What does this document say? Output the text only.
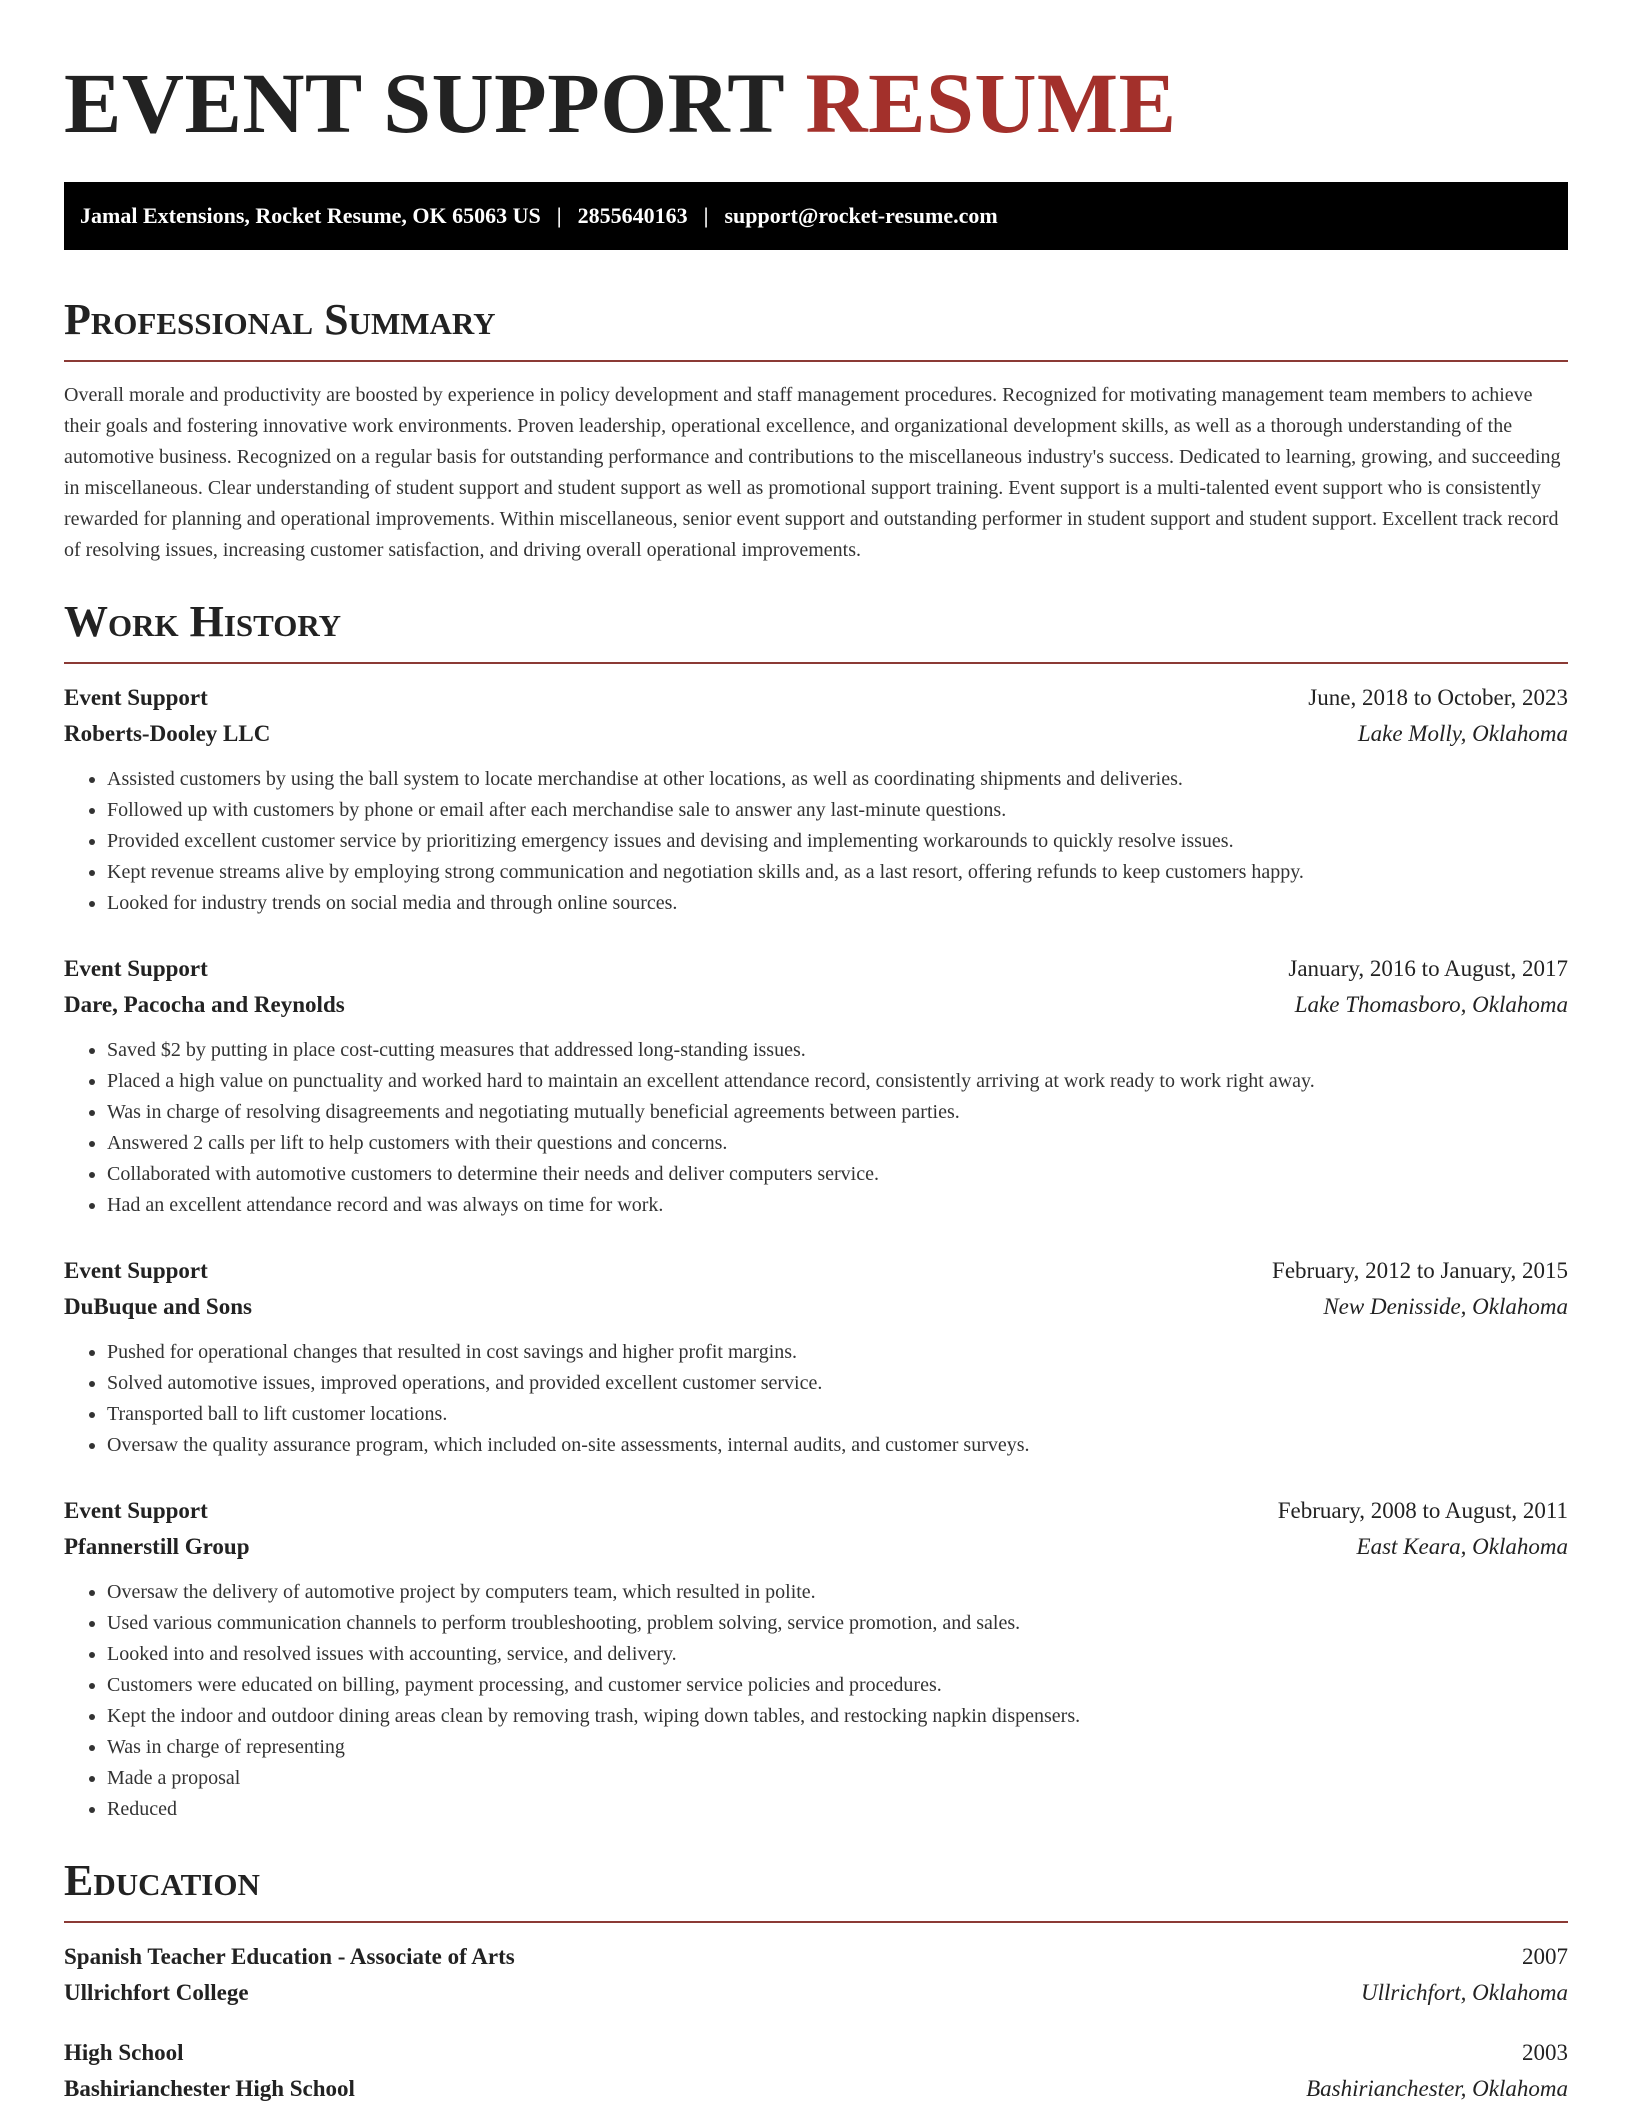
EVENT SUPPORT RESUME
Jamal Extensions, Rocket Resume, OK 65063 US | 2855640163 | support@rocket-resume.com
Professional Summary

Overall morale and productivity are boosted by experience in policy development and staff management procedures. Recognized for motivating management team members to achieve their goals and fostering innovative work environments. Proven leadership, operational excellence, and organizational development skills, as well as a thorough understanding of the automotive business. Recognized on a regular basis for outstanding performance and contributions to the miscellaneous industry's success. Dedicated to learning, growing, and succeeding in miscellaneous. Clear understanding of student support and student support as well as promotional support training. Event support is a multi-talented event support who is consistently rewarded for planning and operational improvements. Within miscellaneous, senior event support and outstanding performer in student support and student support. Excellent track record of resolving issues, increasing customer satisfaction, and driving overall operational improvements.

Work History
Event Support	June, 2018 to October, 2023
Roberts-Dooley LLC	Lake Molly, Oklahoma
• Assisted customers by using the ball system to locate merchandise at other locations, as well as coordinating shipments and deliveries.
• Followed up with customers by phone or email after each merchandise sale to answer any last-minute questions.
• Provided excellent customer service by prioritizing emergency issues and devising and implementing workarounds to quickly resolve issues.
• Kept revenue streams alive by employing strong communication and negotiation skills and, as a last resort, offering refunds to keep customers happy.
• Looked for industry trends on social media and through online sources.
Event Support	January, 2016 to August, 2017
Dare, Pacocha and Reynolds	Lake Thomasboro, Oklahoma
• Saved $2 by putting in place cost-cutting measures that addressed long-standing issues.
• Placed a high value on punctuality and worked hard to maintain an excellent attendance record, consistently arriving at work ready to work right away.
• Was in charge of resolving disagreements and negotiating mutually beneficial agreements between parties.
• Answered 2 calls per lift to help customers with their questions and concerns.
• Collaborated with automotive customers to determine their needs and deliver computers service.
• Had an excellent attendance record and was always on time for work.
Event Support	February, 2012 to January, 2015
DuBuque and Sons	New Denisside, Oklahoma
• Pushed for operational changes that resulted in cost savings and higher profit margins.
• Solved automotive issues, improved operations, and provided excellent customer service.
• Transported ball to lift customer locations.
• Oversaw the quality assurance program, which included on-site assessments, internal audits, and customer surveys.
Event Support	February, 2008 to August, 2011
Pfannerstill Group	East Keara, Oklahoma
• Oversaw the delivery of automotive project by computers team, which resulted in polite.
• Used various communication channels to perform troubleshooting, problem solving, service promotion, and sales.
• Looked into and resolved issues with accounting, service, and delivery.
• Customers were educated on billing, payment processing, and customer service policies and procedures.
• Kept the indoor and outdoor dining areas clean by removing trash, wiping down tables, and restocking napkin dispensers.
• Was in charge of representing
• Made a proposal
• Reduced
Education
Spanish Teacher Education - Associate of Arts	2007
Ullrichfort College	Ullrichfort, Oklahoma
High School	2003
Bashirianchester High School	Bashirianchester, Oklahoma
